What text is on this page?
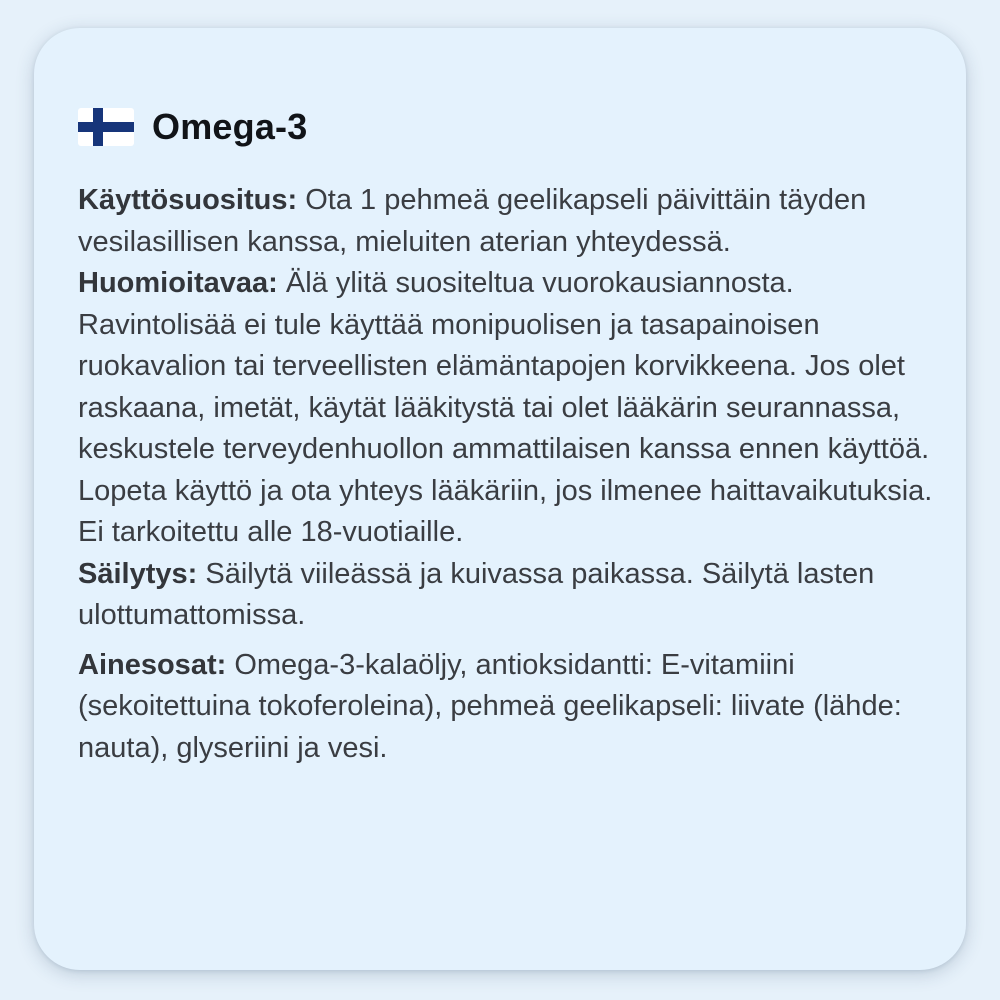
Omega-3

Käyttösuositus: Ota 1 pehmeä geelikapseli päivittäin täyden vesilasillisen kanssa, mieluiten aterian yhteydessä.

Huomioitavaa: Älä ylitä suositeltua vuorokausiannosta. Ravintolisää ei tule käyttää monipuolisen ja tasapainoisen ruokavalion tai terveellisten elämäntapojen korvikkeena. Jos olet raskaana, imetät, käytät lääkitystä tai olet lääkärin seurannassa, keskustele terveydenhuollon ammattilaisen kanssa ennen käyttöä. Lopeta käyttö ja ota yhteys lääkäriin, jos ilmenee haittavaikutuksia. Ei tarkoitettu alle 18-vuotiaille.

Säilytys: Säilytä viileässä ja kuivassa paikassa. Säilytä lasten ulottumattomissa.

Ainesosat: Omega-3-kalaöljy, antioksidantti: E-vitamiini (sekoitettuina tokoferoleina), pehmeä geelikapseli: liivate (lähde: nauta), glyseriini ja vesi.
